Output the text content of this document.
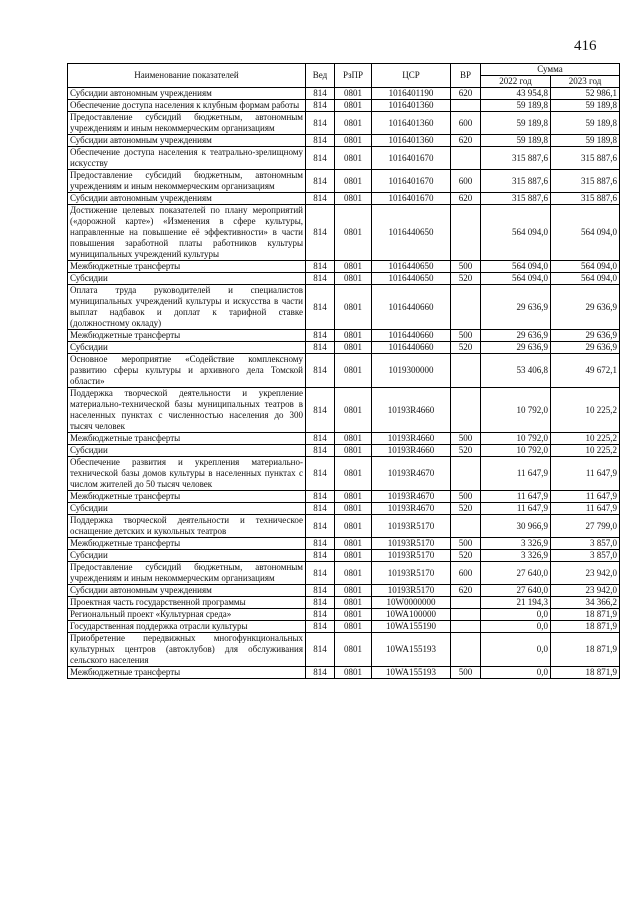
416
Наименование показателей	Вед	РзПР	ЦСР	ВР	Сумма	
					2022 год	2023 год
Субсидии автономным учреждениям	814	0801	1016401190	620	43 954,8	52 986,1
Обеспечение доступа населения к клубным формам работы	814	0801	1016401360		59 189,8	59 189,8
Предоставление субсидий бюджетным, автономным учреждениям и иным некоммерческим организациям	814	0801	1016401360	600	59 189,8	59 189,8
Субсидии автономным учреждениям	814	0801	1016401360	620	59 189,8	59 189,8
Обеспечение доступа населения к театрально-зрелищному искусству	814	0801	1016401670		315 887,6	315 887,6
Предоставление субсидий бюджетным, автономным учреждениям и иным некоммерческим организациям	814	0801	1016401670	600	315 887,6	315 887,6
Субсидии автономным учреждениям	814	0801	1016401670	620	315 887,6	315 887,6
Достижение целевых показателей по плану мероприятий («дорожной карте») «Изменения в сфере культуры, направленные на повышение её эффективности» в части повышения заработной платы работников культуры муниципальных учреждений культуры	814	0801	1016440650		564 094,0	564 094,0
Межбюджетные трансферты	814	0801	1016440650	500	564 094,0	564 094,0
Субсидии	814	0801	1016440650	520	564 094,0	564 094,0
Оплата труда руководителей и специалистов муниципальных учреждений культуры и искусства в части выплат надбавок и доплат к тарифной ставке (должностному окладу)	814	0801	1016440660		29 636,9	29 636,9
Межбюджетные трансферты	814	0801	1016440660	500	29 636,9	29 636,9
Субсидии	814	0801	1016440660	520	29 636,9	29 636,9
Основное мероприятие «Содействие комплексному развитию сферы культуры и архивного дела Томской области»	814	0801	1019300000		53 406,8	49 672,1
Поддержка творческой деятельности и укрепление материально-технической базы муниципальных театров в населенных пунктах с численностью населения до 300 тысяч человек	814	0801	10193R4660		10 792,0	10 225,2
Межбюджетные трансферты	814	0801	10193R4660	500	10 792,0	10 225,2
Субсидии	814	0801	10193R4660	520	10 792,0	10 225,2
Обеспечение развития и укрепления материально-технической базы домов культуры в населенных пунктах с числом жителей до 50 тысяч человек	814	0801	10193R4670		11 647,9	11 647,9
Межбюджетные трансферты	814	0801	10193R4670	500	11 647,9	11 647,9
Субсидии	814	0801	10193R4670	520	11 647,9	11 647,9
Поддержка творческой деятельности и техническое оснащение детских и кукольных театров	814	0801	10193R5170		30 966,9	27 799,0
Межбюджетные трансферты	814	0801	10193R5170	500	3 326,9	3 857,0
Субсидии	814	0801	10193R5170	520	3 326,9	3 857,0
Предоставление субсидий бюджетным, автономным учреждениям и иным некоммерческим организациям	814	0801	10193R5170	600	27 640,0	23 942,0
Субсидии автономным учреждениям	814	0801	10193R5170	620	27 640,0	23 942,0
Проектная часть государственной программы	814	0801	10W0000000		21 194,3	34 366,2
Региональный проект «Культурная среда»	814	0801	10WA100000		0,0	18 871,9
Государственная поддержка отрасли культуры	814	0801	10WA155190		0,0	18 871,9
Приобретение передвижных многофункциональных культурных центров (автоклубов) для обслуживания сельского населения	814	0801	10WA155193		0,0	18 871,9
Межбюджетные трансферты	814	0801	10WA155193	500	0,0	18 871,9
